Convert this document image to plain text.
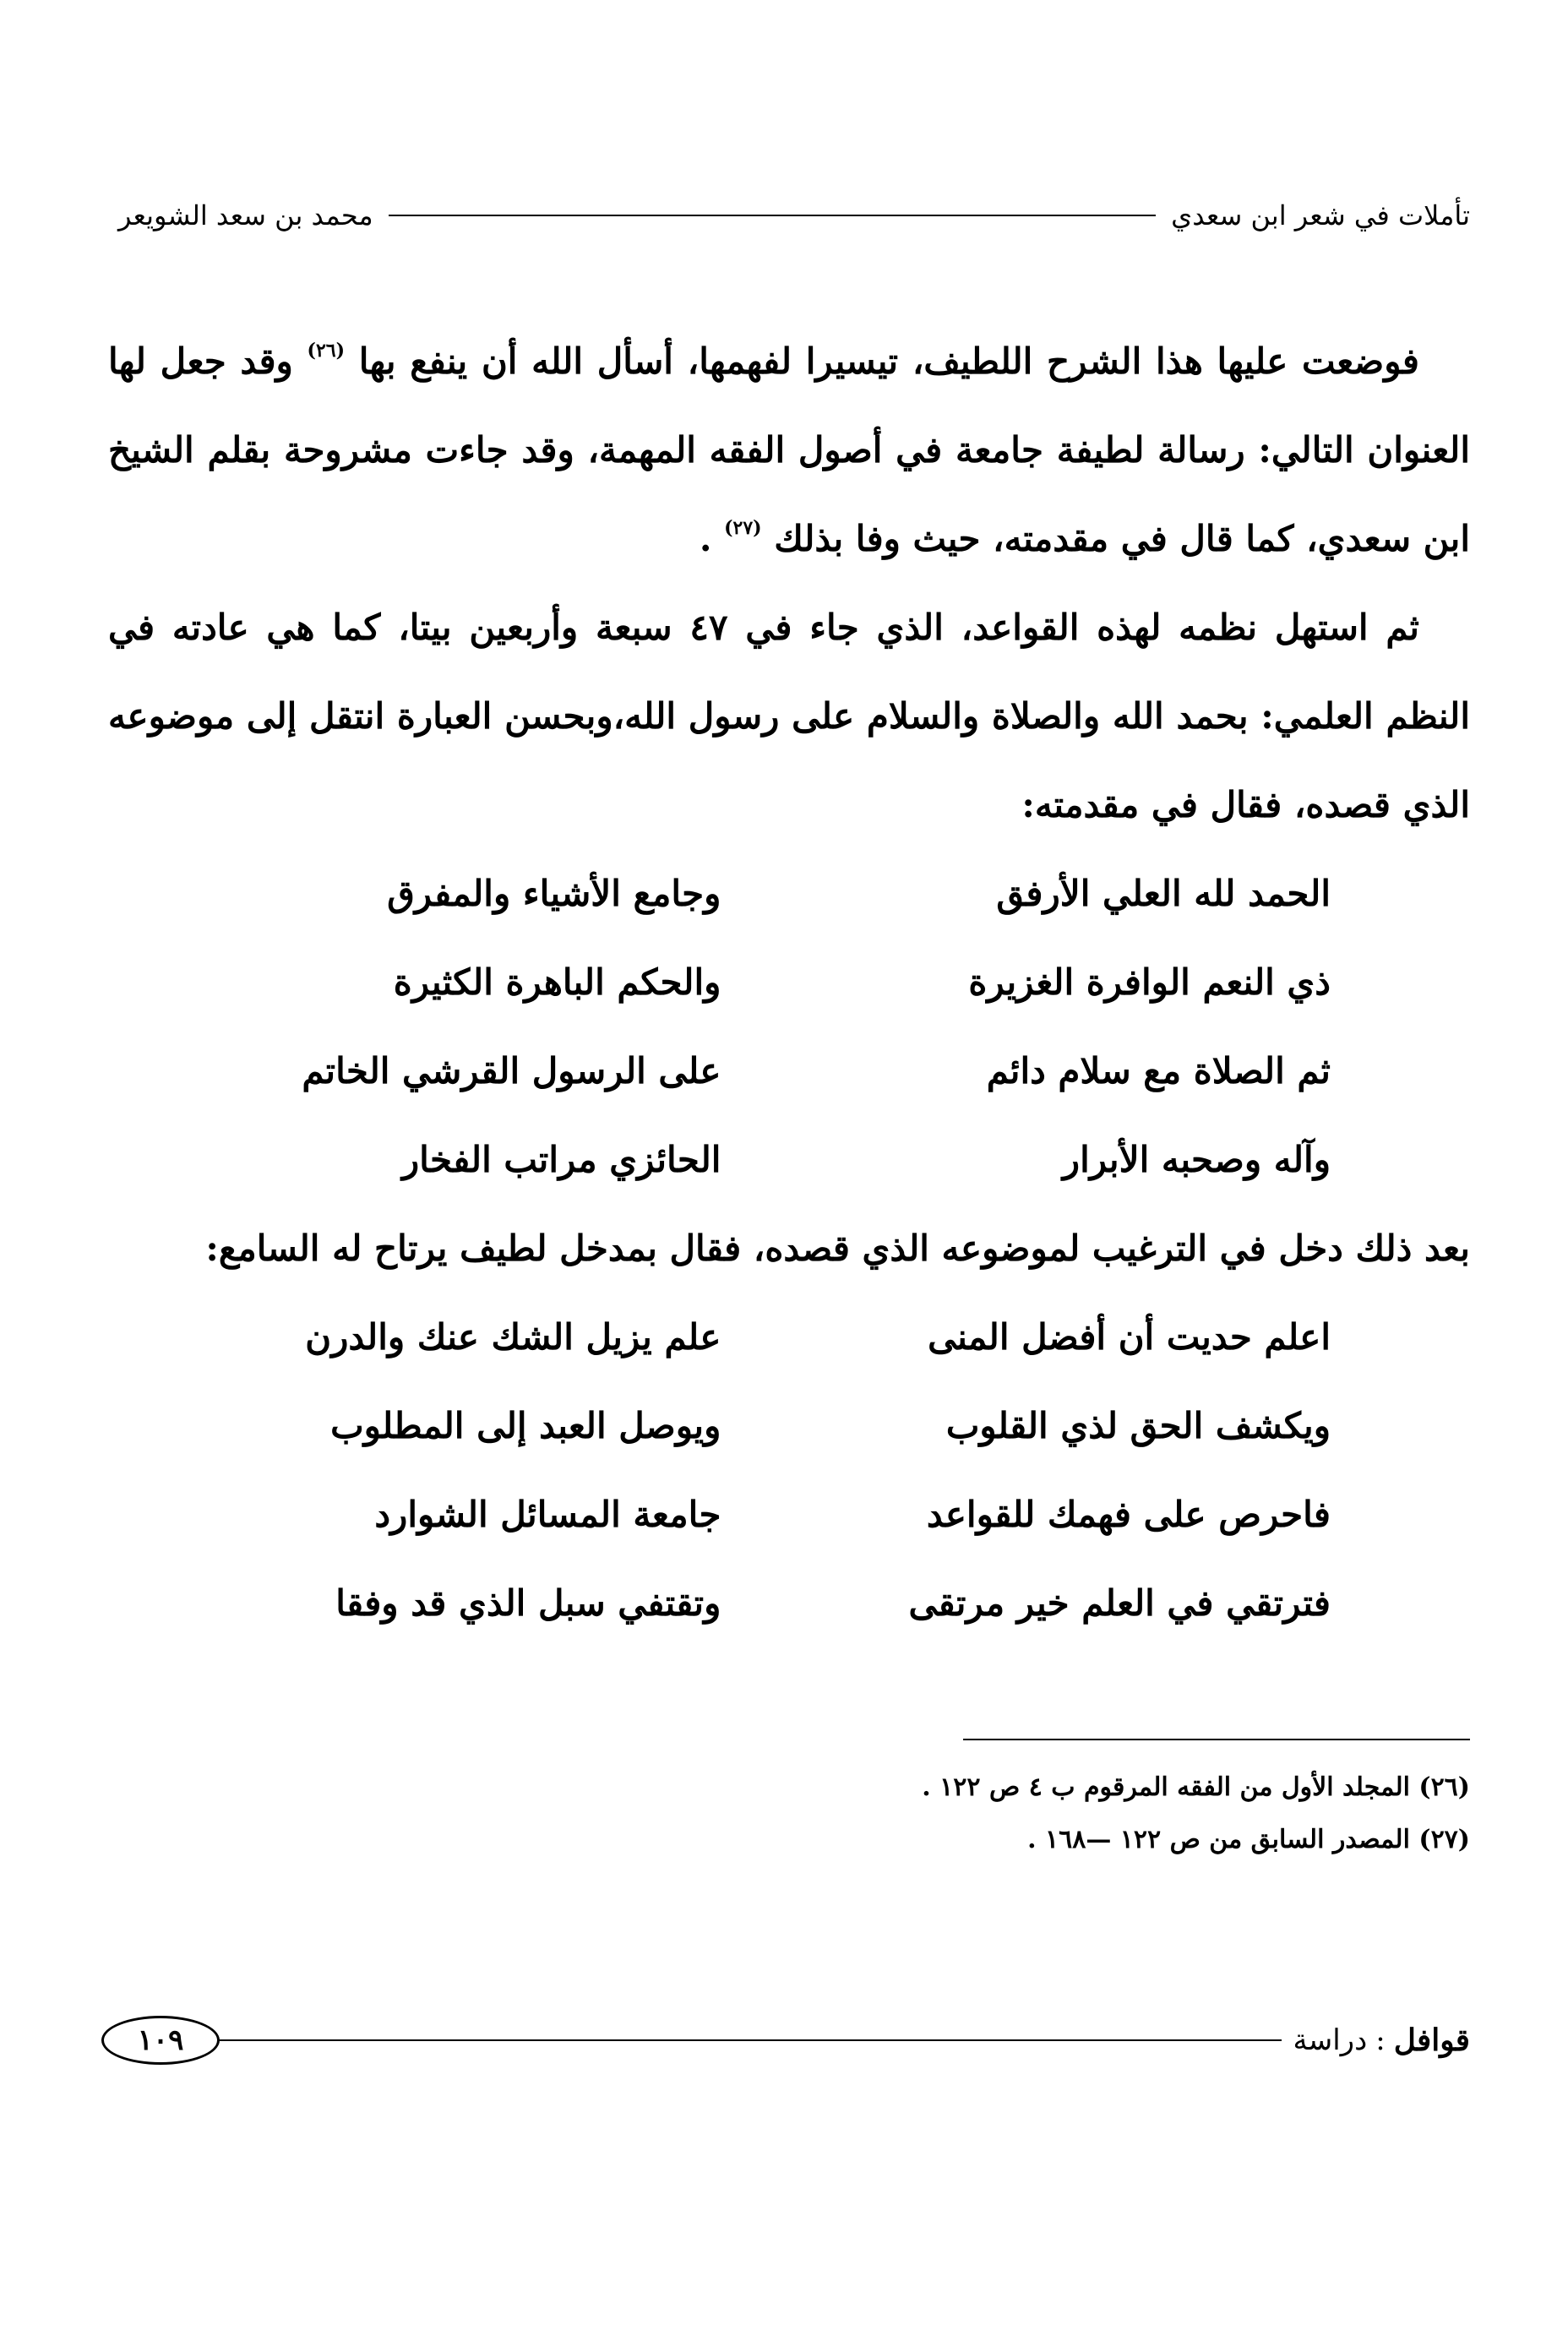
تأملات في شعر ابن سعدي
محمد بن سعد الشويعر

فوضعت عليها هذا الشرح اللطيف، تيسيرا لفهمها، أسأل الله أن ينفع بها $^{(٢٦)}$ وقد جعل لها العنوان التالي: رسالة لطيفة جامعة في أصول الفقه المهمة، وقد جاءت مشروحة بقلم الشيخ ابن سعدي، كما قال في مقدمته، حيث وفا بذلك $^{(٢٧)}$ .

ثم استهل نظمه لهذه القواعد، الذي جاء في ٤٧ سبعة وأربعين بيتا، كما هي عادته في النظم العلمي: بحمد الله والصلاة والسلام على رسول الله،وبحسن العبارة انتقل إلى موضوعه الذي قصده، فقال في مقدمته:

الحمد لله العلي الأرفق
وجامع الأشياء والمفرق
ذي النعم الوافرة الغزيرة
والحكم الباهرة الكثيرة
ثم الصلاة مع سلام دائم
على الرسول القرشي الخاتم
وآله وصحبه الأبرار
الحائزي مراتب الفخار

بعد ذلك دخل في الترغيب لموضوعه الذي قصده، فقال بمدخل لطيف يرتاح له السامع:

اعلم حديت أن أفضل المنى
علم يزيل الشك عنك والدرن
ويكشف الحق لذي القلوب
ويوصل العبد إلى المطلوب
فاحرص على فهمك للقواعد
جامعة المسائل الشوارد
فترتقي في العلم خير مرتقى
وتقتفي سبل الذي قد وفقا

(٢٦) المجلد الأول من الفقه المرقوم ب ٤ ص ١٢٢ .

(٢٧) المصدر السابق من ص ١٢٢ —١٦٨ .

قوافل
:
دراسة
١٠٩
